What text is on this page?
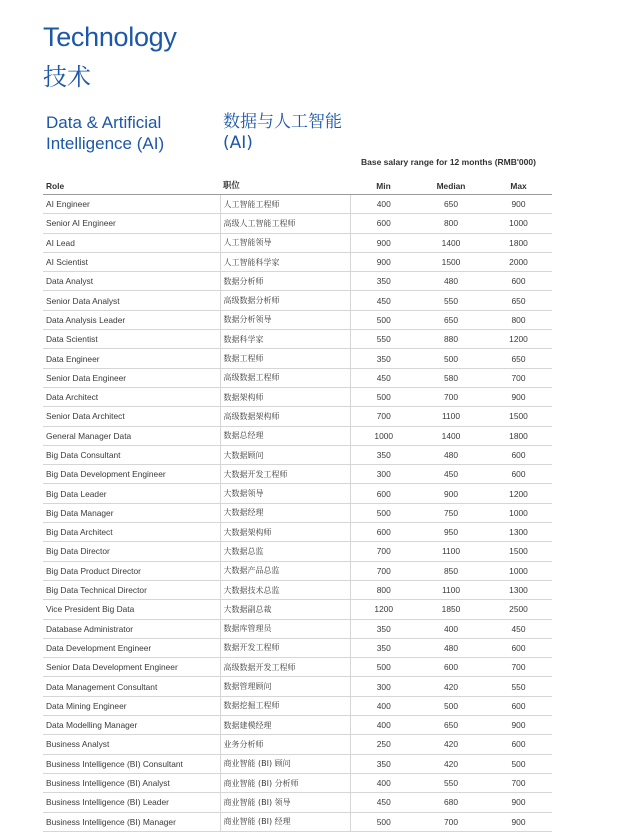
Technology
技术
Data & Artificial
Intelligence (AI)
数据与人工智能
(AI)
Base salary range for 12 months (RMB'000)
Role	职位	Min	Median	Max
AI Engineer	人工智能工程师	400	650	900
Senior AI Engineer	高级人工智能工程师	600	800	1000
AI Lead	人工智能领导	900	1400	1800
AI Scientist	人工智能科学家	900	1500	2000
Data Analyst	数据分析师	350	480	600
Senior Data Analyst	高级数据分析师	450	550	650
Data Analysis Leader	数据分析领导	500	650	800
Data Scientist	数据科学家	550	880	1200
Data Engineer	数据工程师	350	500	650
Senior Data Engineer	高级数据工程师	450	580	700
Data Architect	数据架构师	500	700	900
Senior Data Architect	高级数据架构师	700	1100	1500
General Manager Data	数据总经理	1000	1400	1800
Big Data Consultant	大数据顾问	350	480	600
Big Data Development Engineer	大数据开发工程师	300	450	600
Big Data Leader	大数据领导	600	900	1200
Big Data Manager	大数据经理	500	750	1000
Big Data Architect	大数据架构师	600	950	1300
Big Data Director	大数据总监	700	1100	1500
Big Data Product Director	大数据产品总监	700	850	1000
Big Data Technical Director	大数据技术总监	800	1100	1300
Vice President Big Data	大数据副总裁	1200	1850	2500
Database Administrator	数据库管理员	350	400	450
Data Development Engineer	数据开发工程师	350	480	600
Senior Data Development Engineer	高级数据开发工程师	500	600	700
Data Management Consultant	数据管理顾问	300	420	550
Data Mining Engineer	数据挖掘工程师	400	500	600
Data Modelling Manager	数据建模经理	400	650	900
Business Analyst	业务分析师	250	420	600
Business Intelligence (BI) Consultant	商业智能 (BI) 顾问	350	420	500
Business Intelligence (BI) Analyst	商业智能 (BI) 分析师	400	550	700
Business Intelligence (BI) Leader	商业智能 (BI) 领导	450	680	900
Business Intelligence (BI) Manager	商业智能 (BI) 经理	500	700	900
